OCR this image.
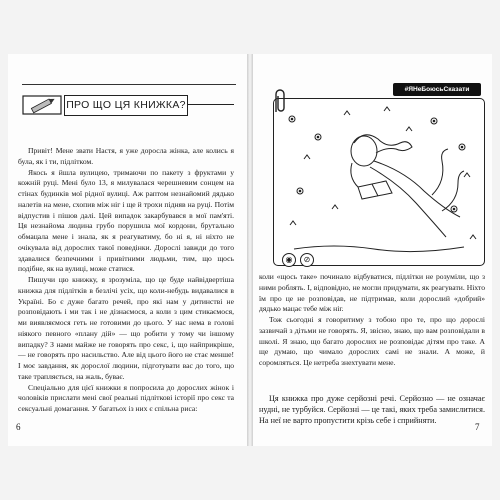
ПРО ЩО ЦЯ КНИЖКА?

Привіт! Мене звати Настя, я уже доросла жінка, але колись я була, як і ти, підлітком.

Якось я йшла вулицею, тримаючи по пакету з фруктами у кожній руці. Мені було 13, я милувалася черешневим сонцем на стінах будинків мої рідної вулиці. Аж раптом незнайомий дядько налетів на мене, схопив між ніг і ще й трохи підняв на руці. Потім відпустив і пішов далі. Цей випадок закарбувався в мої пам'яті. Ця незнайома людина грубо порушила мої кордони, брутально обмацала мене і знала, як я реагуватиму, бо ні я, ні ніхто не очікувала від дорослих такої поведінки. Дорослі завжди до того здавалися безпечними і привітними людьми, тим, що щось подібне, як на вулиці, може статися.

Пишучи цю книжку, я зрозуміла, що це буде найвідвертіша книжка для підлітків в безлічі усіх, що коли-небудь видавалися в Україні. Бо є дуже багато речей, про які нам у дитинстві не розповідають і ми так і не дізнаємося, а коли з цим стикаємося, ми виявляємося геть не готовими до цього. У нас нема в голові ніякого певного «плану дій» — що робити у тому чи іншому випадку? З нами майже не говорять про секс, і, що найприкріше, — не говорять про насильство. Але від цього його не стає менше! І моє завдання, як дорослої людини, підготувати вас до того, що таке трапляється, на жаль, буває.

Спеціально для цієї книжки я попросила до дорослих жінок і чоловіків прислати мені свої реальні підліткові історії про секс та сексуальні домагання. У багатьох із них є спільна риса:

6
#ЯНеБоюсьСказати
◉	⊘

коли «щось таке» починало відбуватися, підлітки не розуміли, що з ними роблять. І, відповідно, не могли придумати, як реагувати. Ніхто їм про це не розповідав, не підтримав, коли дорослий «добрий» дядько мацає тебе між ніг.

Тож сьогодні я говоритиму з тобою про те, про що дорослі зазвичай з дітьми не говорять. Я, звісно, знаю, що вам розповідали в школі. Я знаю, що багато дорослих не розповідає дітям про таке. А ще думаю, що чимало дорослих самі не знали. А може, й соромляться. Це нетреба знехтувати мене.

Ця книжка про дуже серйозні речі. Серйозно — не означає нудні, не турбуйся. Серйозні — це такі, яких треба замислитися. На неї не варто пропустити крізь себе і сприйняти.

7
